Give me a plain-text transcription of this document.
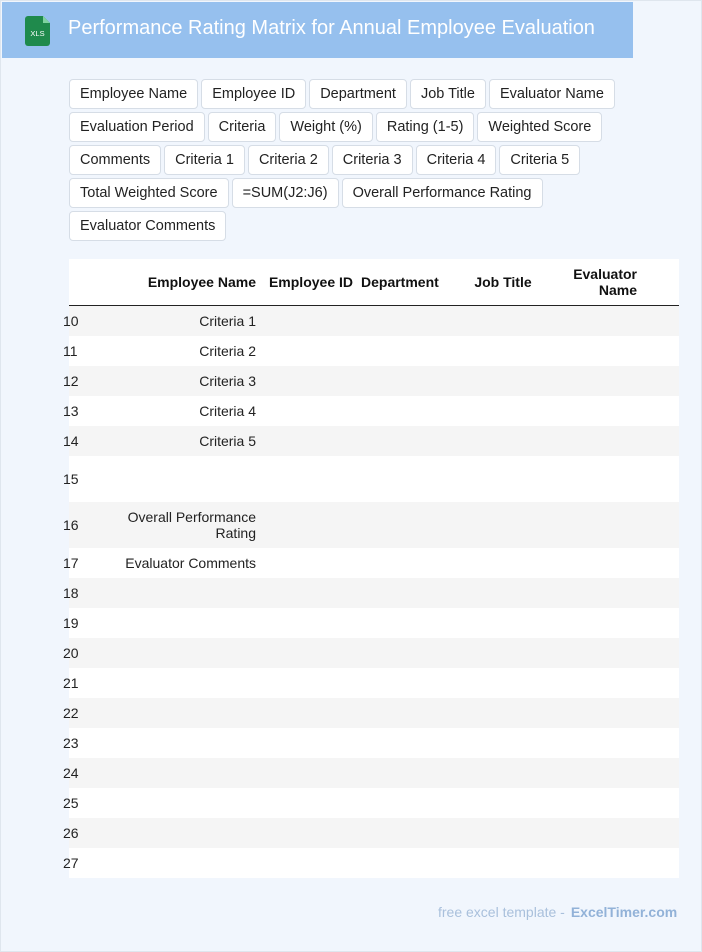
XLS Performance Rating Matrix for Annual Employee Evaluation
Employee Name	Employee ID	Department	Job Title	Evaluator Name
Evaluation Period	Criteria	Weight (%)	Rating (1-5)	Weighted Score
Comments	Criteria 1	Criteria 2	Criteria 3	Criteria 4	Criteria 5
Total Weighted Score	=SUM(J2:J6)	Overall Performance Rating
Evaluator Comments
	Employee Name	Employee ID	Department	Job Title	Evaluator Name	

10	Criteria 1					

11	Criteria 2					

12	Criteria 3					

13	Criteria 4					

14	Criteria 5					

15						

16	Overall Performance Rating					

17	Evaluator Comments					

18						

19						

20						

21						

22						

23						

24						

25						

26						

27						

free excel template - ExcelTimer.com
